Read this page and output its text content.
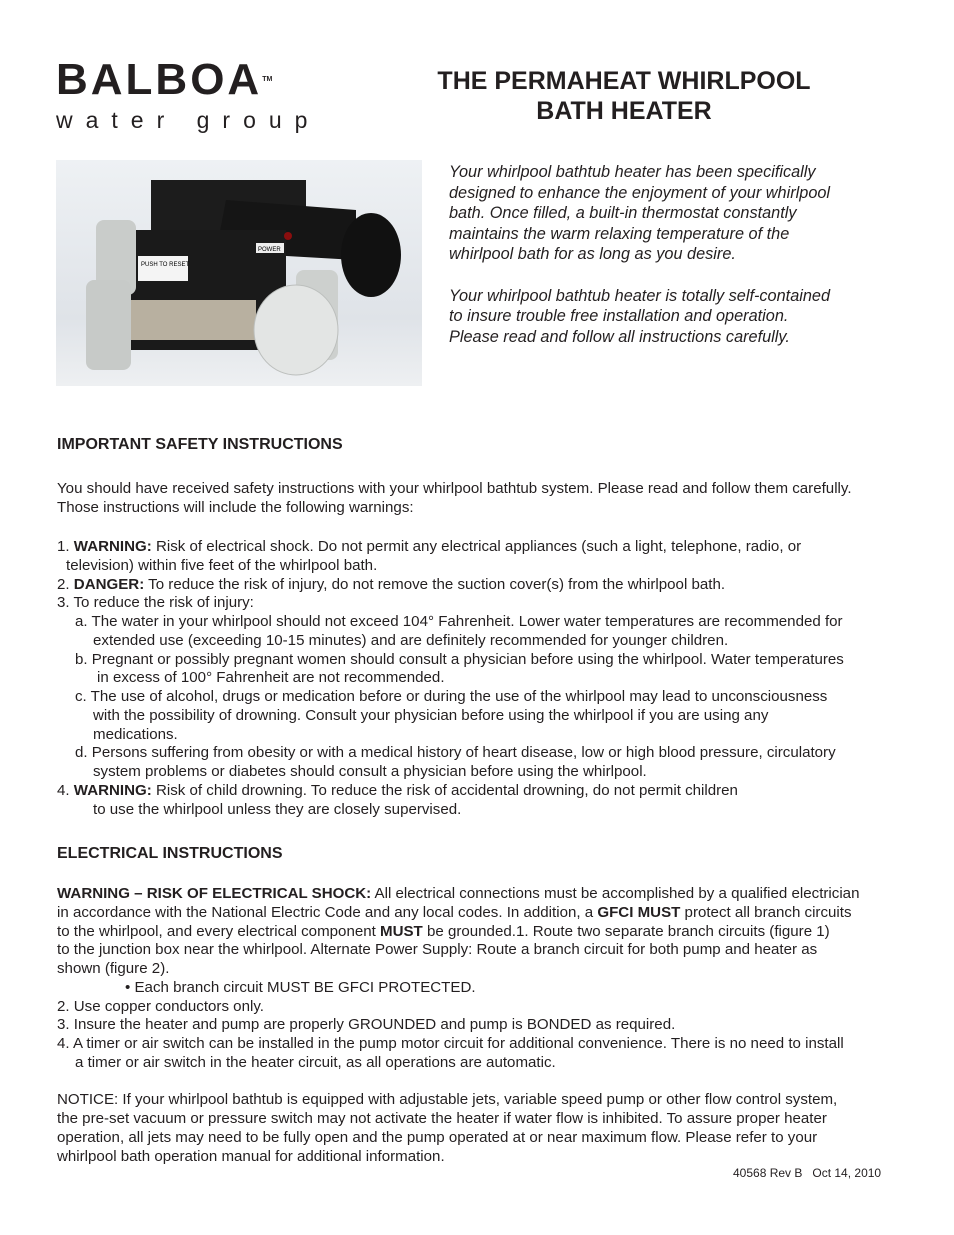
BALBOATM
water group
THE PERMAHEAT WHIRLPOOL
BATH HEATER
PUSH TO RESET
POWER

Your whirlpool bathtub heater has been specifically
designed to enhance the enjoyment of your whirlpool
bath. Once filled, a built-in thermostat constantly
maintains the warm relaxing temperature of the
whirlpool bath for as long as you desire.

Your whirlpool bathtub heater is totally self-contained
to insure trouble free installation and operation.
Please read and follow all instructions carefully.

IMPORTANT SAFETY INSTRUCTIONS
You should have received safety instructions with your whirlpool bathtub system. Please read and follow them carefully.
Those instructions will include the following warnings:
1. WARNING: Risk of electrical shock. Do not permit any electrical appliances (such a light, telephone, radio, or
television) within five feet of the whirlpool bath.
2. DANGER: To reduce the risk of injury, do not remove the suction cover(s) from the whirlpool bath.
3. To reduce the risk of injury:
a. The water in your whirlpool should not exceed 104° Fahrenheit. Lower water temperatures are recommended for
extended use (exceeding 10-15 minutes) and are definitely recommended for younger children.
b. Pregnant or possibly pregnant women should consult a physician before using the whirlpool. Water temperatures
in excess of 100° Fahrenheit are not recommended.
c. The use of alcohol, drugs or medication before or during the use of the whirlpool may lead to unconsciousness
with the possibility of drowning. Consult your physician before using the whirlpool if you are using any
medications.
d. Persons suffering from obesity or with a medical history of heart disease, low or high blood pressure, circulatory
system problems or diabetes should consult a physician before using the whirlpool.
4. WARNING: Risk of child drowning. To reduce the risk of accidental drowning, do not permit children
to use the whirlpool unless they are closely supervised.
ELECTRICAL INSTRUCTIONS
WARNING – RISK OF ELECTRICAL SHOCK: All electrical connections must be accomplished by a qualified electrician
in accordance with the National Electric Code and any local codes. In addition, a GFCI MUST protect all branch circuits
to the whirlpool, and every electrical component MUST be grounded.1. Route two separate branch circuits (figure 1)
to the junction box near the whirlpool. Alternate Power Supply: Route a branch circuit for both pump and heater as
shown (figure 2).
• Each branch circuit MUST BE GFCI PROTECTED.
2. Use copper conductors only.
3. Insure the heater and pump are properly GROUNDED and pump is BONDED as required.
4. A timer or air switch can be installed in the pump motor circuit for additional convenience. There is no need to install
a timer or air switch in the heater circuit, as all operations are automatic.
NOTICE: If your whirlpool bathtub is equipped with adjustable jets, variable speed pump or other flow control system,
the pre-set vacuum or pressure switch may not activate the heater if water flow is inhibited. To assure proper heater
operation, all jets may need to be fully open and the pump operated at or near maximum flow. Please refer to your
whirlpool bath operation manual for additional information.
40568 Rev B   Oct 14, 2010
